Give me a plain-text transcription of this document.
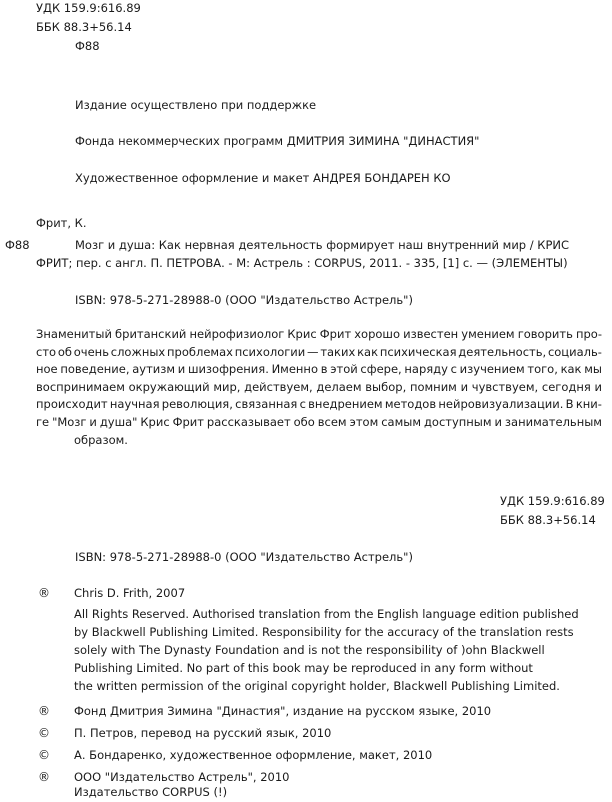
УДК 159.9:616.89
ББК 88.3+56.14
Ф88
Издание осуществлено при поддержке
Фонда некоммерческих программ ДМИТРИЯ ЗИМИНА "ДИНАСТИЯ"
Художественное оформление и макет АНДРЕЯ БОНДАРЕН КО
Фрит, К.
Ф88	Мозг и душа: Как нервная деятельность формирует наш внутренний мир / КРИС
ФРИТ; пер. с англ. П. ПЕТРОВА. - М: Астрель : CORPUS, 2011. - 335, [1] с. — (ЭЛЕМЕНТЫ)
ISBN: 978-5-271-28988-0 (ООО "Издательство Астрель")
Знаменитый британский нейрофизиолог Крис Фрит хорошо известен умением говорить про-
сто об очень сложных проблемах психологии — таких как психическая деятельность, социаль-
ное поведение, аутизм и шизофрения. Именно в этой сфере, наряду с изучением того, как мы
воспринимаем окружающий мир, действуем, делаем выбор, помним и чувствуем, сегодня и
происходит научная революция, связанная с внедрением методов нейровизуализации. В кни-
ге "Мозг и душа" Крис Фрит рассказывает обо всем этом самым доступным и занимательным
образом.
УДК 159.9:616.89
ББК 88.3+56.14
ISBN: 978-5-271-28988-0 (ООО "Издательство Астрель")
® Chris D. Frith, 2007
All Rights Reserved. Authorised translation from the English language edition published
by Blackwell Publishing Limited. Responsibility for the accuracy of the translation rests
solely with The Dynasty Foundation and is not the responsibility of )ohn Blackwell
Publishing Limited. No part of this book may be reproduced in any form without
the written permission of the original copyright holder, Blackwell Publishing Limited.
® Фонд Дмитрия Зимина "Династия", издание на русском языке, 2010
© П. Петров, перевод на русский язык, 2010
© А. Бондаренко, художественное оформление, макет, 2010
® ООО "Издательство Астрель", 2010
Издательство CORPUS (!)
